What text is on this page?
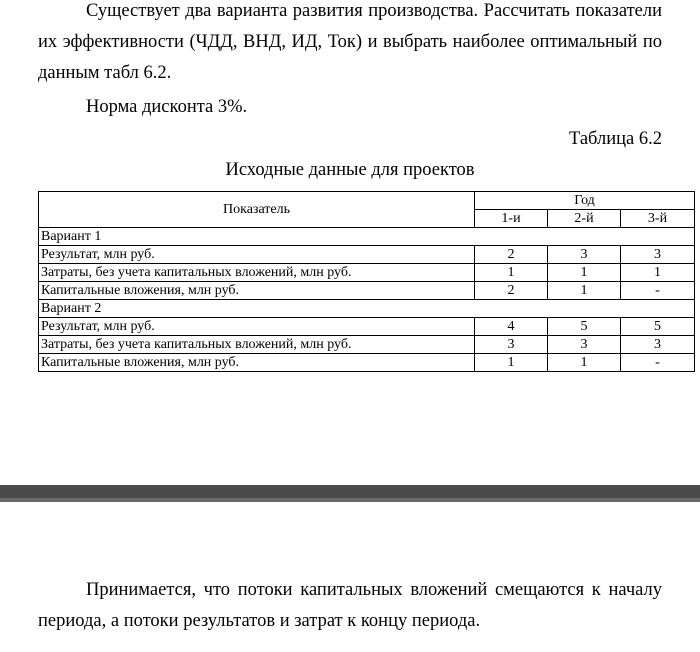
Существует два варианта развития производства. Рассчитать показатели их эффективности (ЧДД, ВНД, ИД, Ток) и выбрать наиболее оптимальный по данным табл 6.2.

Норма дисконта 3%.

Таблица 6.2
Исходные данные для проектов
Показатель	Год		
	1-и	2-й	3-й
Вариант 1			
Результат, млн руб.	2	3	3
Затраты, без учета капитальных вложений, млн руб.	1	1	1
Капитальные вложения, млн руб.	2	1	-
Вариант 2			
Результат, млн руб.	4	5	5
Затраты, без учета капитальных вложений, млн руб.	3	3	3
Капитальные вложения, млн руб.	1	1	-

Принимается, что потоки капитальных вложений смещаются к началу периода, а потоки результатов и затрат к концу периода.
